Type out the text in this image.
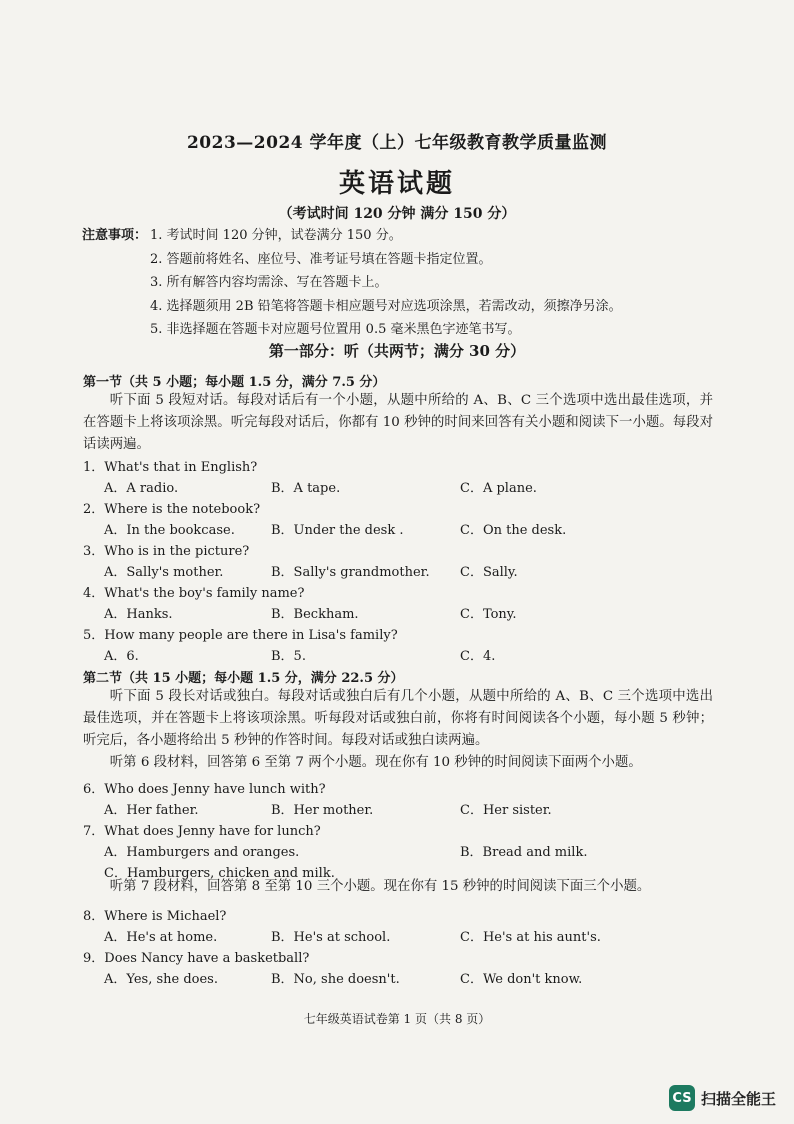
2023—2024 学年度（上）七年级教育教学质量监测
英语试题
（考试时间 120 分钟 满分 150 分）
注意事项： 1. 考试时间 120 分钟，试卷满分 150 分。
2. 答题前将姓名、座位号、准考证号填在答题卡指定位置。
3. 所有解答内容均需涂、写在答题卡上。
4. 选择题须用 2B 铅笔将答题卡相应题号对应选项涂黑，若需改动，须擦净另涂。
5. 非选择题在答题卡对应题号位置用 0.5 毫米黑色字迹笔书写。
第一部分：听（共两节；满分 30 分）
第一节（共 5 小题；每小题 1.5 分，满分 7.5 分）
听下面 5 段短对话。每段对话后有一个小题，从题中所给的 A、B、C 三个选项中选出最佳选项，并在答题卡上将该项涂黑。听完每段对话后，你都有 10 秒钟的时间来回答有关小题和阅读下一小题。每段对话读两遍。
1．What's that in English?
A．A radio.	B．A tape.	C．A plane.
2．Where is the notebook?
A．In the bookcase.	B．Under the desk .	C．On the desk.
3．Who is in the picture?
A．Sally's mother.	B．Sally's grandmother. C．Sally.
4．What's the boy's family name?
A．Hanks.	B．Beckham.	C．Tony.
5．How many people are there in Lisa's family?
A．6.	B．5.	C．4.
第二节（共 15 小题；每小题 1.5 分，满分 22.5 分）
听下面 5 段长对话或独白。每段对话或独白后有几个小题，从题中所给的 A、B、C 三个选项中选出最佳选项，并在答题卡上将该项涂黑。听每段对话或独白前，你将有时间阅读各个小题，每小题 5 秒钟；听完后，各小题将给出 5 秒钟的作答时间。每段对话或独白读两遍。
听第 6 段材料，回答第 6 至第 7 两个小题。现在你有 10 秒钟的时间阅读下面两个小题。
6．Who does Jenny have lunch with?
A．Her father.	B．Her mother.	C．Her sister.
7．What does Jenny have for lunch?
A．Hamburgers and oranges.	B．Bread and milk.
C．Hamburgers, chicken and milk.
听第 7 段材料，回答第 8 至第 10 三个小题。现在你有 15 秒钟的时间阅读下面三个小题。
8．Where is Michael?
A．He's at home.	B．He's at school.	C．He's at his aunt's.
9．Does Nancy have a basketball?
A．Yes, she does.	B．No, she doesn't.	C．We don't know.
七年级英语试卷第 1 页（共 8 页）
CS 扫描全能王
